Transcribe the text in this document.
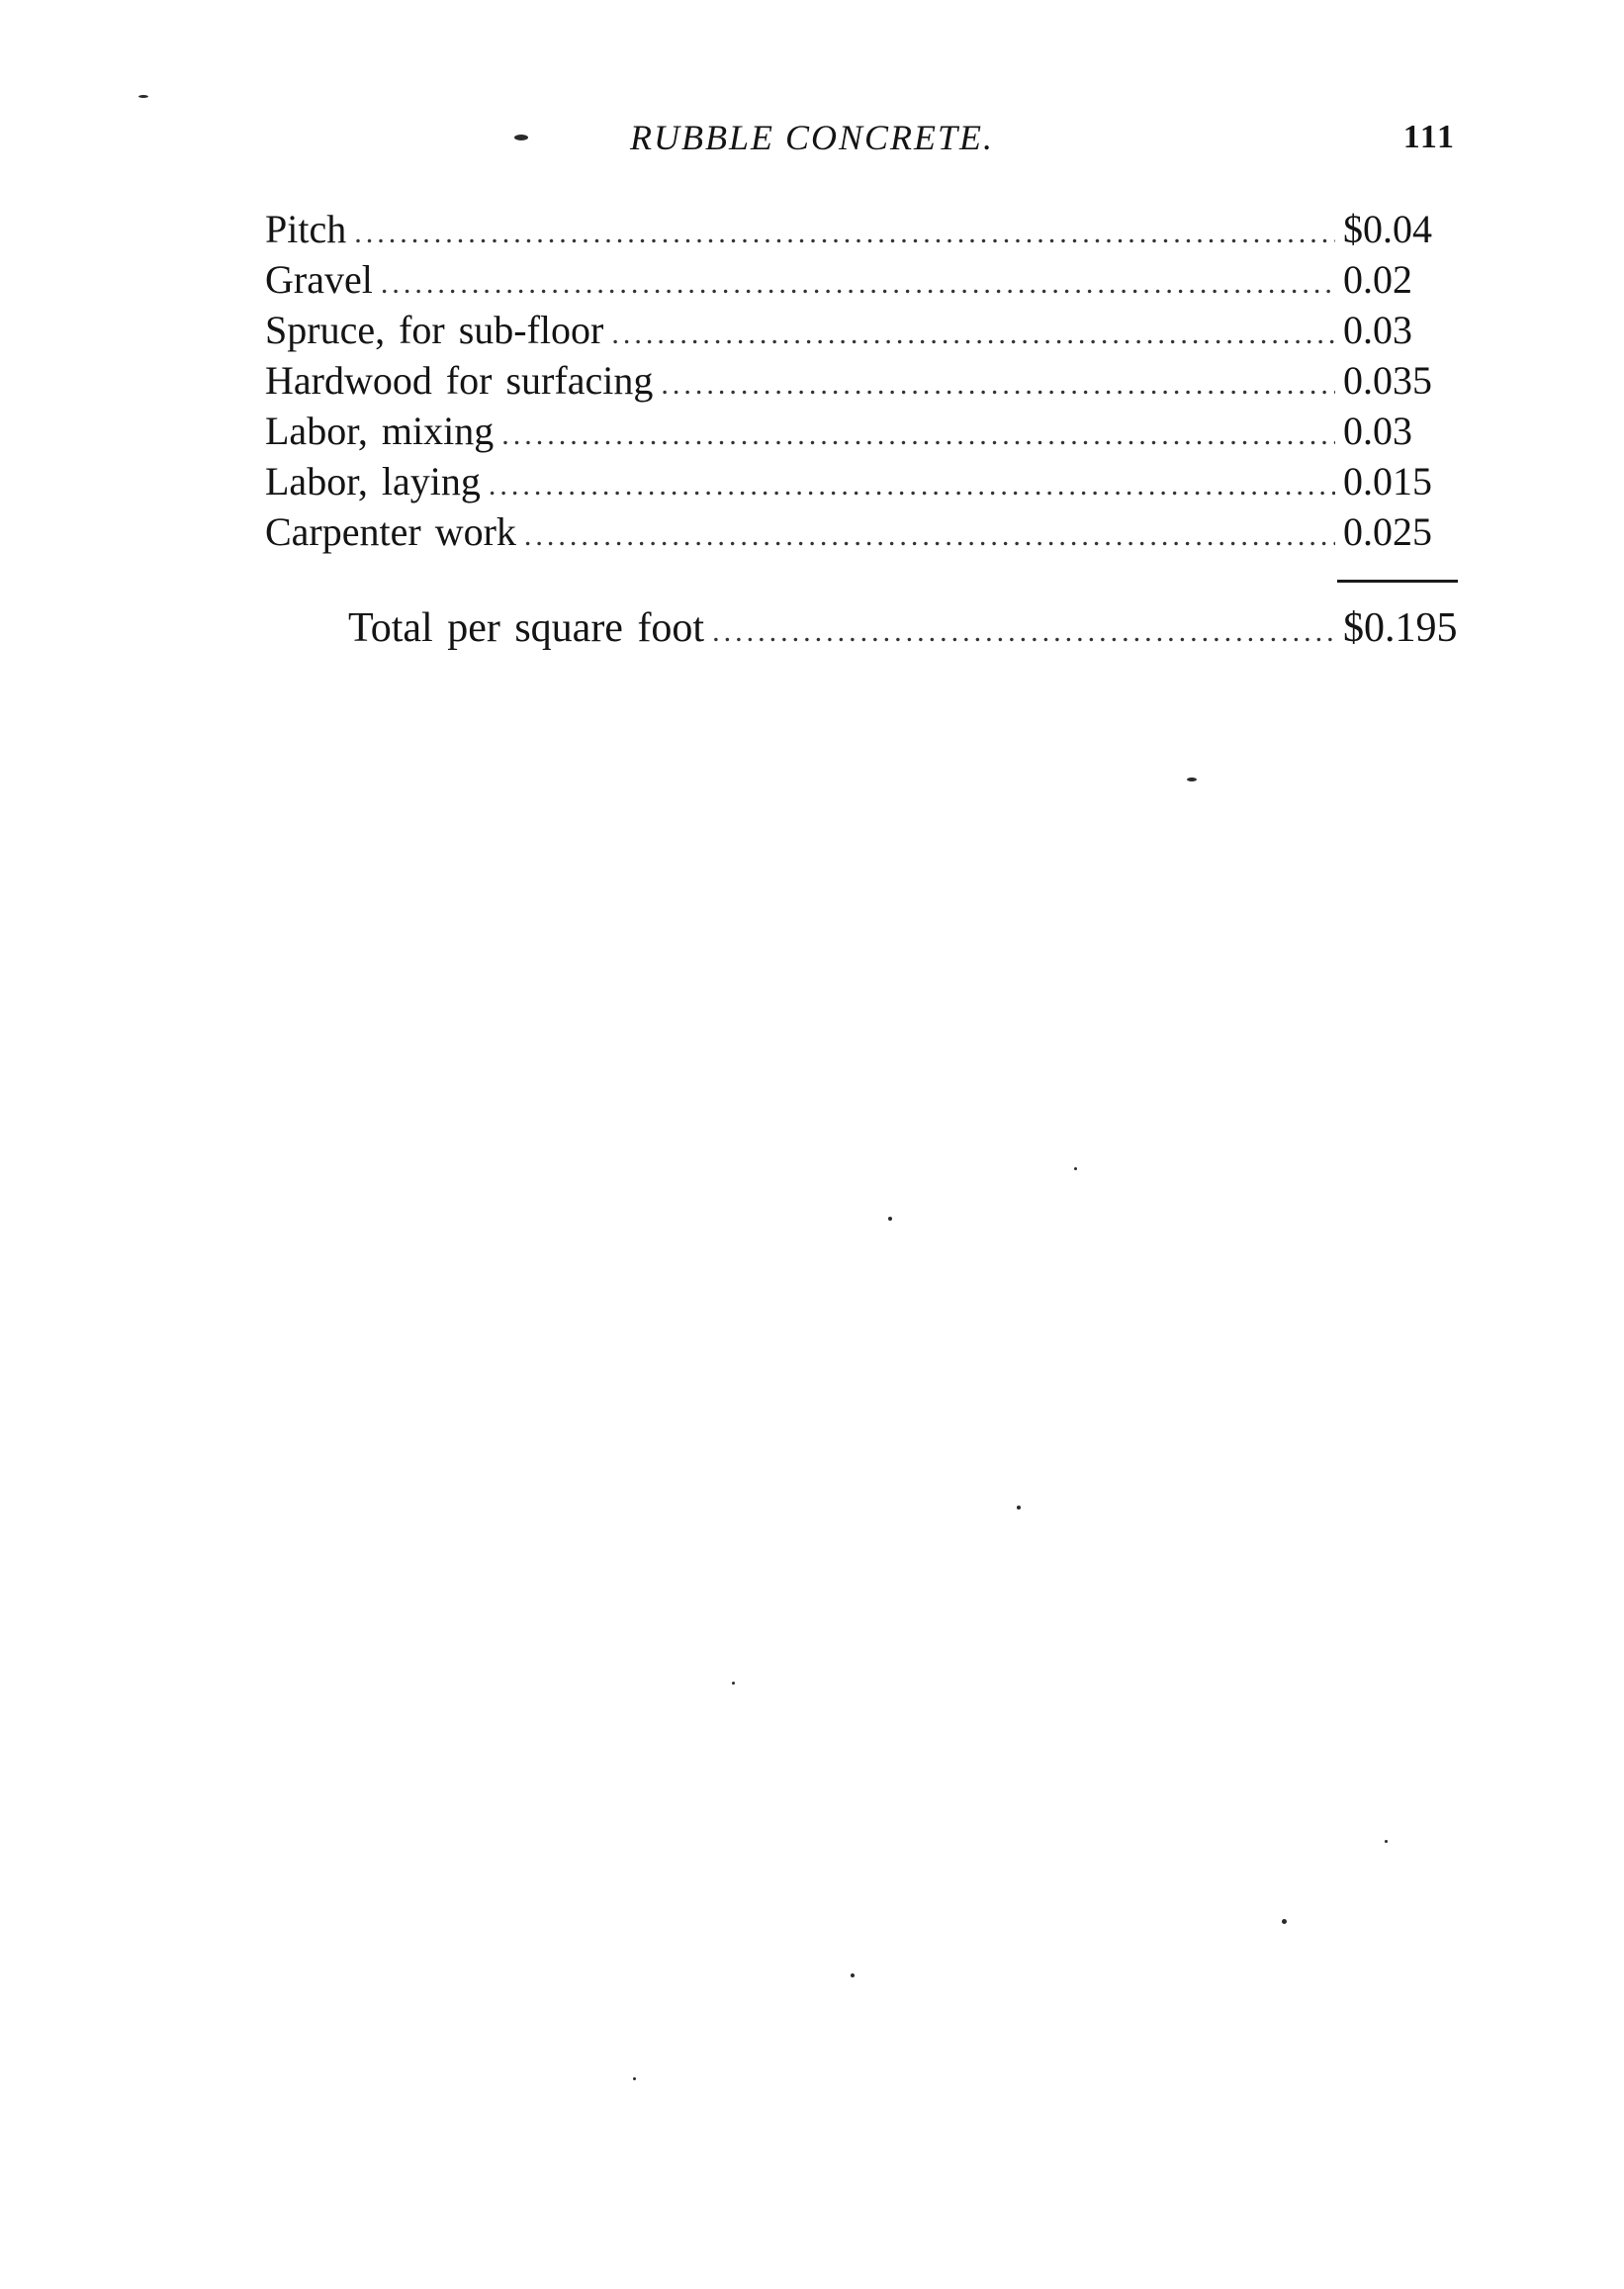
RUBBLE CONCRETE.	111
Pitch .....	$0.04
Gravel .....	0.02
Spruce, for sub-floor .....	0.03
Hardwood for surfacing .....	0.035
Labor, mixing .....	0.03
Labor, laying .....	0.015
Carpenter work .....	0.025
Total per square foot .....	$0.195
